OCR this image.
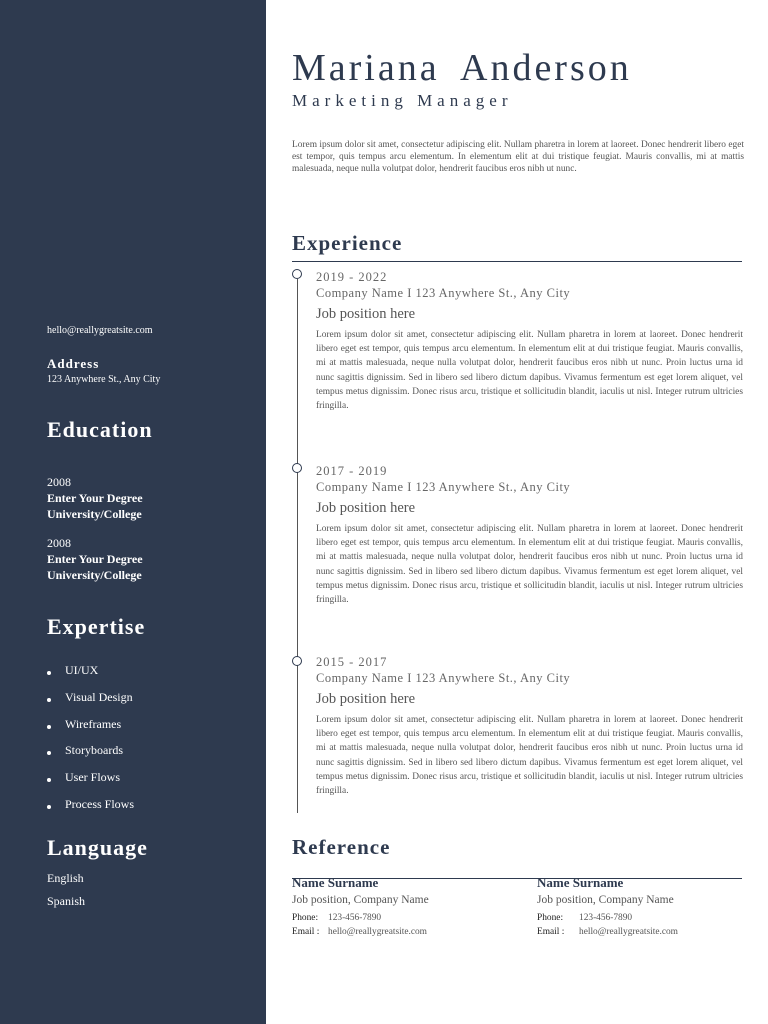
hello@reallygreatsite.com
Address
123 Anywhere St., Any City
Education
2008
Enter Your Degree
University/College
2008
Enter Your Degree
University/College
Expertise
UI/UX
Visual Design
Wireframes
Storyboards
User Flows
Process Flows
Language
English
Spanish
Mariana Anderson
Marketing Manager
Lorem ipsum dolor sit amet, consectetur adipiscing elit. Nullam pharetra in lorem at laoreet. Donec hendrerit libero eget est tempor, quis tempus arcu elementum. In elementum elit at dui tristique feugiat. Mauris convallis, mi at mattis malesuada, neque nulla volutpat dolor, hendrerit faucibus eros nibh ut nunc.
Experience
2019 - 2022
Company Name I 123 Anywhere St., Any City
Job position here
Lorem ipsum dolor sit amet, consectetur adipiscing elit. Nullam pharetra in lorem at laoreet. Donec hendrerit libero eget est tempor, quis tempus arcu elementum. In elementum elit at dui tristique feugiat. Mauris convallis, mi at mattis malesuada, neque nulla volutpat dolor, hendrerit faucibus eros nibh ut nunc. Proin luctus urna id nunc sagittis dignissim. Sed in libero sed libero dictum dapibus. Vivamus fermentum est eget lorem aliquet, vel tempus metus dignissim. Donec risus arcu, tristique et sollicitudin blandit, iaculis ut nisl. Integer rutrum ultricies fringilla.
2017 - 2019
Company Name I 123 Anywhere St., Any City
Job position here
Lorem ipsum dolor sit amet, consectetur adipiscing elit. Nullam pharetra in lorem at laoreet. Donec hendrerit libero eget est tempor, quis tempus arcu elementum. In elementum elit at dui tristique feugiat. Mauris convallis, mi at mattis malesuada, neque nulla volutpat dolor, hendrerit faucibus eros nibh ut nunc. Proin luctus urna id nunc sagittis dignissim. Sed in libero sed libero dictum dapibus. Vivamus fermentum est eget lorem aliquet, vel tempus metus dignissim. Donec risus arcu, tristique et sollicitudin blandit, iaculis ut nisl. Integer rutrum ultricies fringilla.
2015 - 2017
Company Name I 123 Anywhere St., Any City
Job position here
Lorem ipsum dolor sit amet, consectetur adipiscing elit. Nullam pharetra in lorem at laoreet. Donec hendrerit libero eget est tempor, quis tempus arcu elementum. In elementum elit at dui tristique feugiat. Mauris convallis, mi at mattis malesuada, neque nulla volutpat dolor, hendrerit faucibus eros nibh ut nunc. Proin luctus urna id nunc sagittis dignissim. Sed in libero sed libero dictum dapibus. Vivamus fermentum est eget lorem aliquet, vel tempus metus dignissim. Donec risus arcu, tristique et sollicitudin blandit, iaculis ut nisl. Integer rutrum ultricies fringilla.
Reference
Name Surname
Job position, Company Name
Phone:	123-456-7890
Email : hello@reallygreatsite.com
Name Surname
Job position, Company Name
Phone:	123-456-7890
Email :	hello@reallygreatsite.com
